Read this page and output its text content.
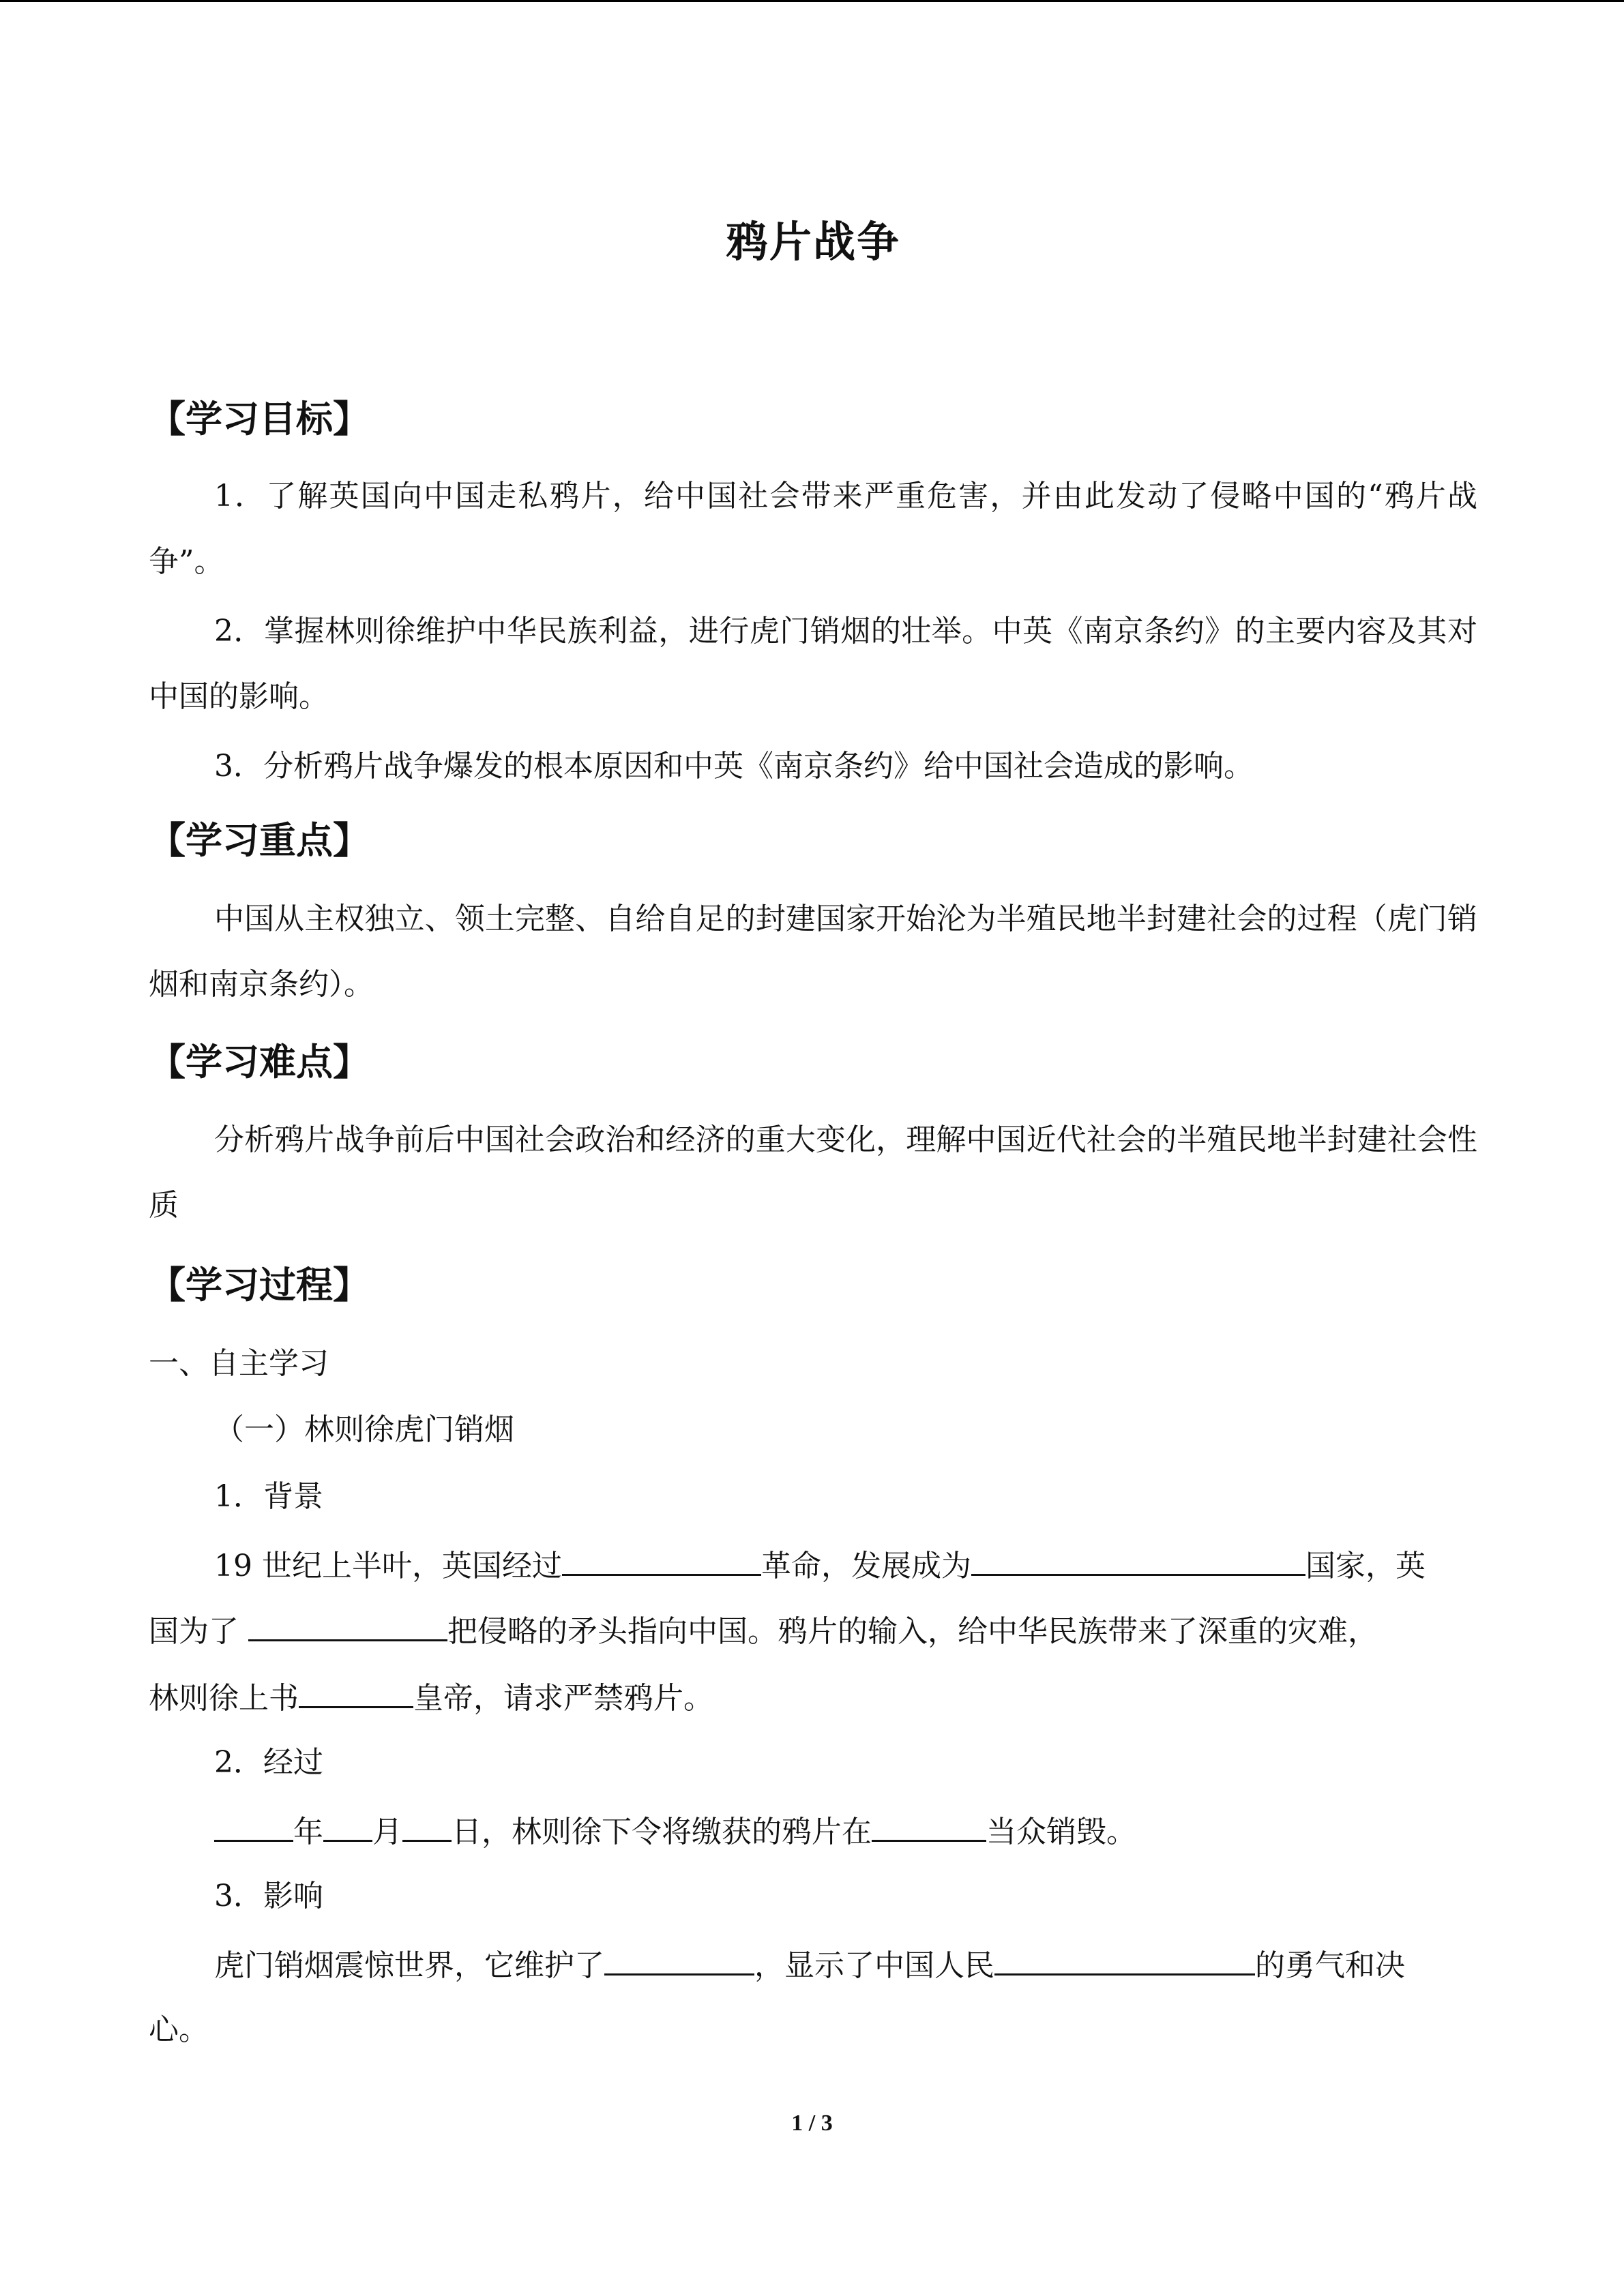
鸦片战争
【学习目标】

1．了解英国向中国走私鸦片，给中国社会带来严重危害，并由此发动了侵略中国的“鸦片战争”。

2．掌握林则徐维护中华民族利益，进行虎门销烟的壮举。中英《南京条约》的主要内容及其对中国的影响。

3．分析鸦片战争爆发的根本原因和中英《南京条约》给中国社会造成的影响。

【学习重点】

中国从主权独立、领土完整、自给自足的封建国家开始沦为半殖民地半封建社会的过程（虎门销烟和南京条约）。

【学习难点】

分析鸦片战争前后中国社会政治和经济的重大变化，理解中国近代社会的半殖民地半封建社会性质

【学习过程】
一、自主学习
（一）林则徐虎门销烟
1．背景
19 世纪上半叶，英国经过	革命，发展成为	国家，英
国为了	把侵略的矛头指向中国。鸦片的输入，给中华民族带来了深重的灾难，
林则徐上书	皇帝，请求严禁鸦片。
2．经过
年 月 日，林则徐下令将缴获的鸦片在	当众销毁。
3．影响
虎门销烟震惊世界，它维护了	，显示了中国人民	的勇气和决
心。
1 / 3
